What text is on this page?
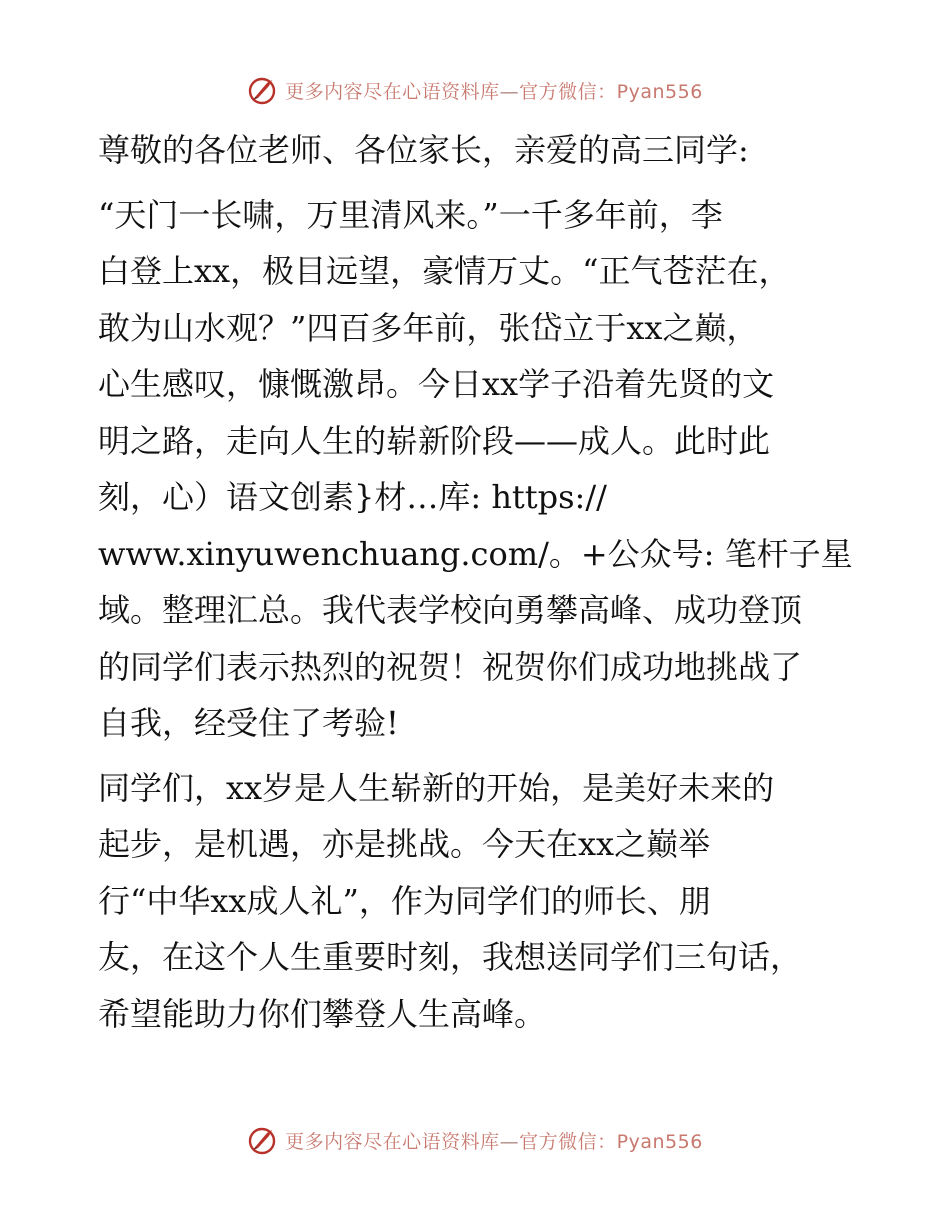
更多内容尽在心语资料库—官方微信：Pyan556

尊敬的各位老师、各位家长，亲爱的高三同学:

“天门一长啸，万里清风来。”一千多年前，李
白登上xx，极目远望，豪情万丈。“正气苍茫在，
敢为山水观？”四百多年前，张岱立于xx之巅，
心生感叹，慷慨激昂。今日xx学子沿着先贤的文
明之路，走向人生的崭新阶段——成人。此时此
刻，心）语文创素}材…库: https://
www.xinyuwenchuang.com/。+公众号: 笔杆子星
域。整理汇总。我代表学校向勇攀高峰、成功登顶
的同学们表示热烈的祝贺！祝贺你们成功地挑战了
自我，经受住了考验!

同学们，xx岁是人生崭新的开始，是美好未来的
起步，是机遇，亦是挑战。今天在xx之巅举
行“中华xx成人礼”，作为同学们的师长、朋
友，在这个人生重要时刻，我想送同学们三句话，
希望能助力你们攀登人生高峰。

更多内容尽在心语资料库—官方微信：Pyan556
